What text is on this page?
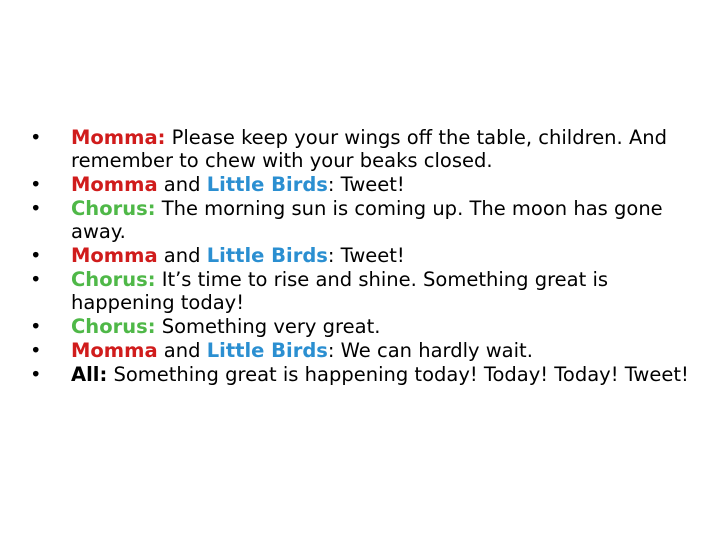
•	Momma: Please keep your wings off the table, children. And remember to chew with your beaks closed.
•	Momma and Little Birds: Tweet!
•	Chorus: The morning sun is coming up. The moon has gone away.
•	Momma and Little Birds: Tweet!
•	Chorus: It’s time to rise and shine. Something great is happening today!
•	Chorus: Something very great.
•	Momma and Little Birds: We can hardly wait.
•	All: Something great is happening today! Today! Today! Tweet!
